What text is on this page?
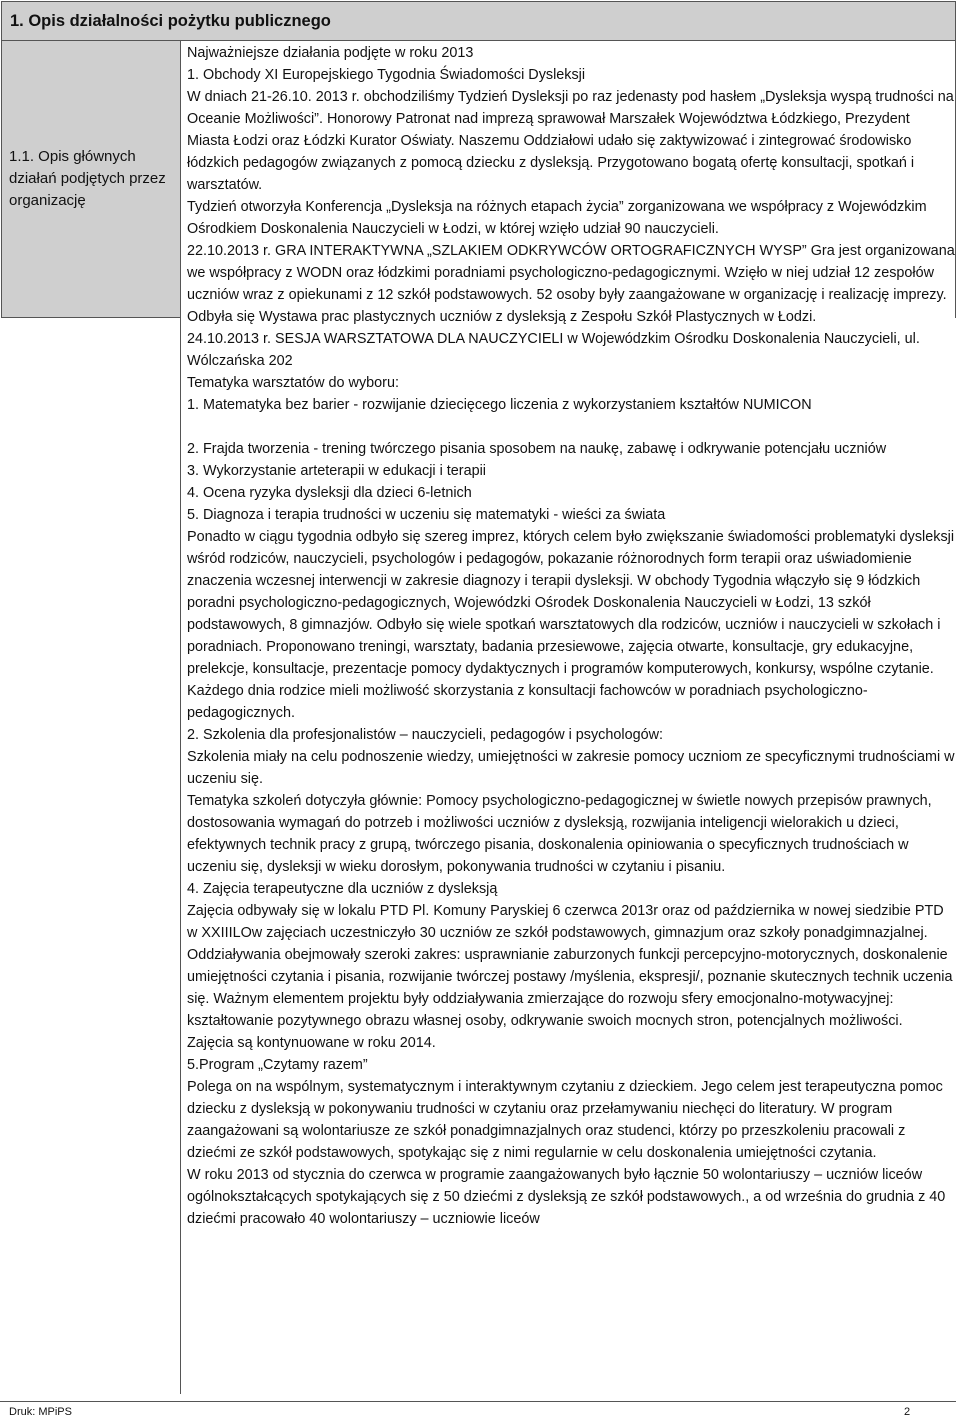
1. Opis działalności pożytku publicznego
1.1. Opis głównych działań podjętych przez organizację

Najważniejsze działania podjęte w roku 2013

1. Obchody XI Europejskiego Tygodnia Świadomości Dysleksji

W dniach 21-26.10. 2013 r. obchodziliśmy Tydzień Dysleksji po raz jedenasty pod hasłem „Dysleksja wyspą trudności na Oceanie Możliwości”. Honorowy Patronat nad imprezą sprawował Marszałek Województwa Łódzkiego, Prezydent Miasta Łodzi oraz Łódzki Kurator Oświaty. Naszemu Oddziałowi udało się zaktywizować i zintegrować środowisko łódzkich pedagogów związanych z pomocą dziecku z dysleksją. Przygotowano bogatą ofertę konsultacji, spotkań i warsztatów.

Tydzień otworzyła Konferencja „Dysleksja na różnych etapach życia” zorganizowana we współpracy z Wojewódzkim Ośrodkiem Doskonalenia Nauczycieli w Łodzi, w której wzięło udział 90 nauczycieli.

22.10.2013 r. GRA INTERAKTYWNA „SZLAKIEM ODKRYWCÓW ORTOGRAFICZNYCH WYSP” Gra jest organizowana we współpracy z WODN oraz łódzkimi poradniami psychologiczno-pedagogicznymi. Wzięło w niej udział 12 zespołów uczniów wraz z opiekunami z 12 szkół podstawowych. 52 osoby były zaangażowane w organizację i realizację imprezy.

Odbyła się Wystawa prac plastycznych uczniów z dysleksją z Zespołu Szkół Plastycznych w Łodzi.

24.10.2013 r. SESJA WARSZTATOWA DLA NAUCZYCIELI w Wojewódzkim Ośrodku Doskonalenia Nauczycieli, ul. Wólczańska 202

Tematyka warsztatów do wyboru:

1. Matematyka bez barier - rozwijanie dziecięcego liczenia z wykorzystaniem kształtów NUMICON

2. Frajda tworzenia - trening twórczego pisania sposobem na naukę, zabawę i odkrywanie potencjału uczniów

3. Wykorzystanie arteterapii w edukacji i terapii

4. Ocena ryzyka dysleksji dla dzieci 6-letnich

5. Diagnoza i terapia trudności w uczeniu się matematyki - wieści za świata

Ponadto w ciągu tygodnia odbyło się szereg imprez, których celem było zwiększanie świadomości problematyki dysleksji wśród rodziców, nauczycieli, psychologów i pedagogów, pokazanie różnorodnych form terapii oraz uświadomienie znaczenia wczesnej interwencji w zakresie diagnozy i terapii dysleksji. W obchody Tygodnia włączyło się 9 łódzkich poradni psychologiczno-pedagogicznych, Wojewódzki Ośrodek Doskonalenia Nauczycieli w Łodzi, 13 szkół podstawowych, 8 gimnazjów. Odbyło się wiele spotkań warsztatowych dla rodziców, uczniów i nauczycieli w szkołach i poradniach. Proponowano treningi, warsztaty, badania przesiewowe, zajęcia otwarte, konsultacje, gry edukacyjne, prelekcje, konsultacje, prezentacje pomocy dydaktycznych i programów komputerowych, konkursy, wspólne czytanie. Każdego dnia rodzice mieli możliwość skorzystania z konsultacji fachowców w poradniach psychologiczno-pedagogicznych.

2. Szkolenia dla profesjonalistów – nauczycieli, pedagogów i psychologów:

Szkolenia miały na celu podnoszenie wiedzy, umiejętności w zakresie pomocy uczniom ze specyficznymi trudnościami w uczeniu się.

Tematyka szkoleń dotyczyła głównie: Pomocy psychologiczno-pedagogicznej w świetle nowych przepisów prawnych, dostosowania wymagań do potrzeb i możliwości uczniów z dysleksją, rozwijania inteligencji wielorakich u dzieci, efektywnych technik pracy z grupą, twórczego pisania, doskonalenia opiniowania o specyficznych trudnościach w uczeniu się, dysleksji w wieku dorosłym, pokonywania trudności w czytaniu i pisaniu.

4. Zajęcia terapeutyczne dla uczniów z dysleksją

Zajęcia odbywały się w lokalu PTD Pl. Komuny Paryskiej 6 czerwca 2013r oraz od października w nowej siedzibie PTD w XXIIILOw zajęciach uczestniczyło 30 uczniów ze szkół podstawowych, gimnazjum oraz szkoły ponadgimnazjalnej. Oddziaływania obejmowały szeroki zakres: usprawnianie zaburzonych funkcji percepcyjno-motorycznych, doskonalenie umiejętności czytania i pisania, rozwijanie twórczej postawy /myślenia, ekspresji/, poznanie skutecznych technik uczenia się. Ważnym elementem projektu były oddziaływania zmierzające do rozwoju sfery emocjonalno-motywacyjnej: kształtowanie pozytywnego obrazu własnej osoby, odkrywanie swoich mocnych stron, potencjalnych możliwości.

Zajęcia są kontynuowane w roku 2014.

5.Program „Czytamy razem”

Polega on na wspólnym, systematycznym i interaktywnym czytaniu z dzieckiem. Jego celem jest terapeutyczna pomoc dziecku z dysleksją w pokonywaniu trudności w czytaniu oraz przełamywaniu niechęci do literatury. W program zaangażowani są wolontariusze ze szkół ponadgimnazjalnych oraz studenci, którzy po przeszkoleniu pracowali z dziećmi ze szkół podstawowych, spotykając się z nimi regularnie w celu doskonalenia umiejętności czytania.

W roku 2013 od stycznia do czerwca w programie zaangażowanych było łącznie 50 wolontariuszy – uczniów liceów ogólnokształcących spotykających się z 50 dziećmi z dysleksją ze szkół podstawowych., a od września do grudnia z 40 dziećmi pracowało 40 wolontariuszy – uczniowie liceów

Druk: MPiPS	2
